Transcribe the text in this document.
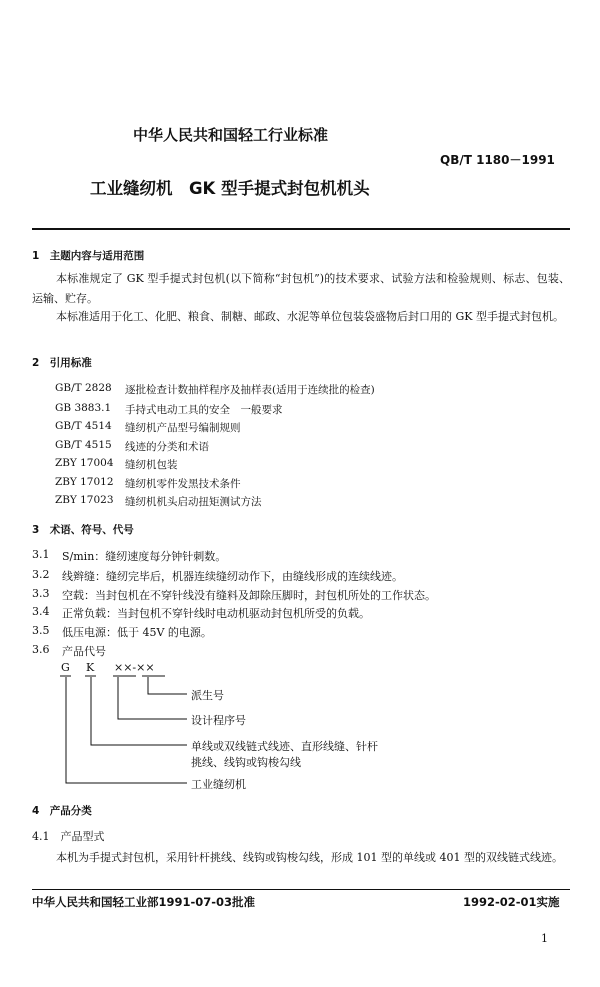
中华人民共和国轻工行业标准
QB/T 1180－1991
工业缝纫机　GK 型手提式封包机机头
1　主题内容与适用范围
本标准规定了 GK 型手提式封包机(以下简称“封包机”)的技术要求、试验方法和检验规则、标志、包装、运输、贮存。
本标准适用于化工、化肥、粮食、制糖、邮政、水泥等单位包装袋盛物后封口用的 GK 型手提式封包机。
2　引用标准
GB/T 2828 逐批检查计数抽样程序及抽样表(适用于连续批的检查)
GB 3883.1 手持式电动工具的安全　一般要求
GB/T 4514 缝纫机产品型号编制规则
GB/T 4515 线迹的分类和术语
ZBY 17004 缝纫机包装
ZBY 17012 缝纫机零件发黑技术条件
ZBY 17023 缝纫机机头启动扭矩测试方法
3　术语、符号、代号
3.1 S/min：缝纫速度每分钟针刺数。
3.2 线辫缝：缝纫完毕后，机器连续缝纫动作下，由缝线形成的连续线迹。
3.3 空载：当封包机在不穿针线没有缝料及卸除压脚时，封包机所处的工作状态。
3.4 正常负载：当封包机不穿针线时电动机驱动封包机所受的负载。
3.5 低压电源：低于 45V 的电源。
3.6 产品代号
G K ××-××
派生号
设计程序号
单线或双线链式线迹、直形线缝、针杆
挑线、线钩或钩梭勾线
工业缝纫机
4　产品分类
4.1　产品型式
本机为手提式封包机，采用针杆挑线、线钩或钩梭勾线，形成 101 型的单线或 401 型的双线链式线迹。
中华人民共和国轻工业部1991-07-03批准	1992-02-01实施
1
